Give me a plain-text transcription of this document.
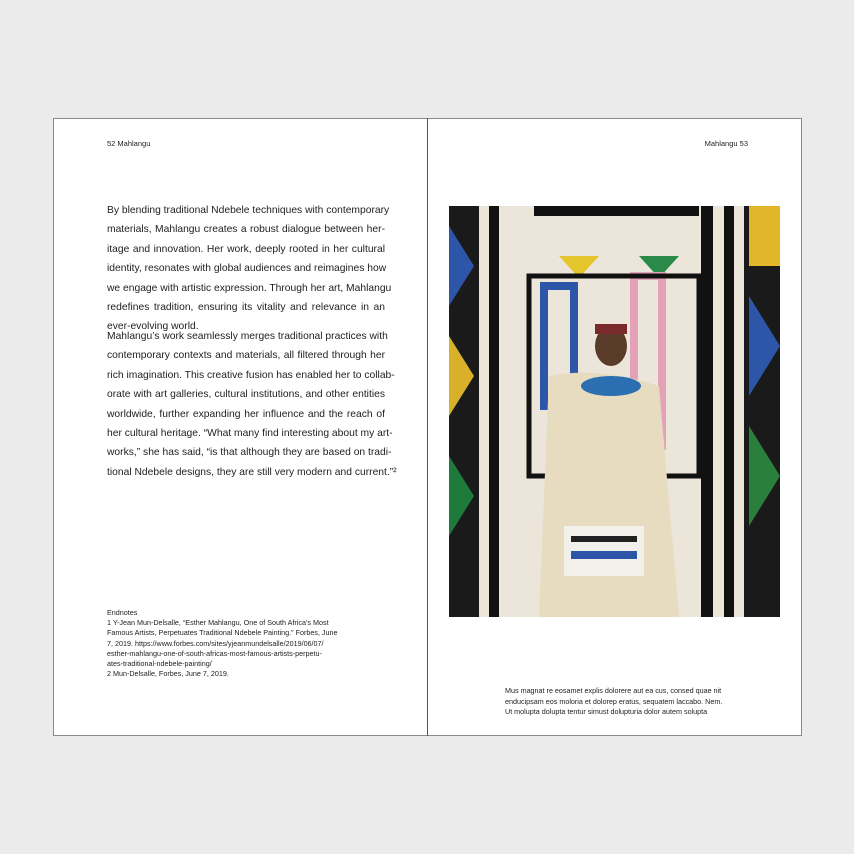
52 Mahlangu	Mahlangu 53
By blending traditional Ndebele techniques with contemporary
materials, Mahlangu creates a robust dialogue between her-
itage and innovation. Her work, deeply rooted in her cultural
identity, resonates with global audiences and reimagines how
we engage with artistic expression. Through her art, Mahlangu
redefines tradition, ensuring its vitality and relevance in an
ever-evolving world.
Mahlangu’s work seamlessly merges traditional practices with
contemporary contexts and materials, all filtered through her
rich imagination. This creative fusion has enabled her to collab-
orate with art galleries, cultural institutions, and other entities
worldwide, further expanding her influence and the reach of
her cultural heritage. “What many find interesting about my art-
works,” she has said, “is that although they are based on tradi-
tional Ndebele designs, they are still very modern and current.”²
Endnotes
1 Y-Jean Mun-Delsalle, “Esther Mahlangu, One of South Africa’s Most
Famous Artists, Perpetuates Traditional Ndebele Painting.” Forbes, June
7, 2019. https://www.forbes.com/sites/yjeanmundelsalle/2019/06/07/
esther-mahlangu-one-of-south-africas-most-famous-artists-perpetu-
ates-traditional-ndebele-painting/
2 Mun-Delsalle, Forbes, June 7, 2019.
Mus magnat re eosamet explis dolorere aut ea cus, consed quae nit
enducipsam eos moloria et dolorep eratus, sequatem laccabo. Nem.
Ut molupta dolupta tentur simust dolupturia dolor autem solupta
